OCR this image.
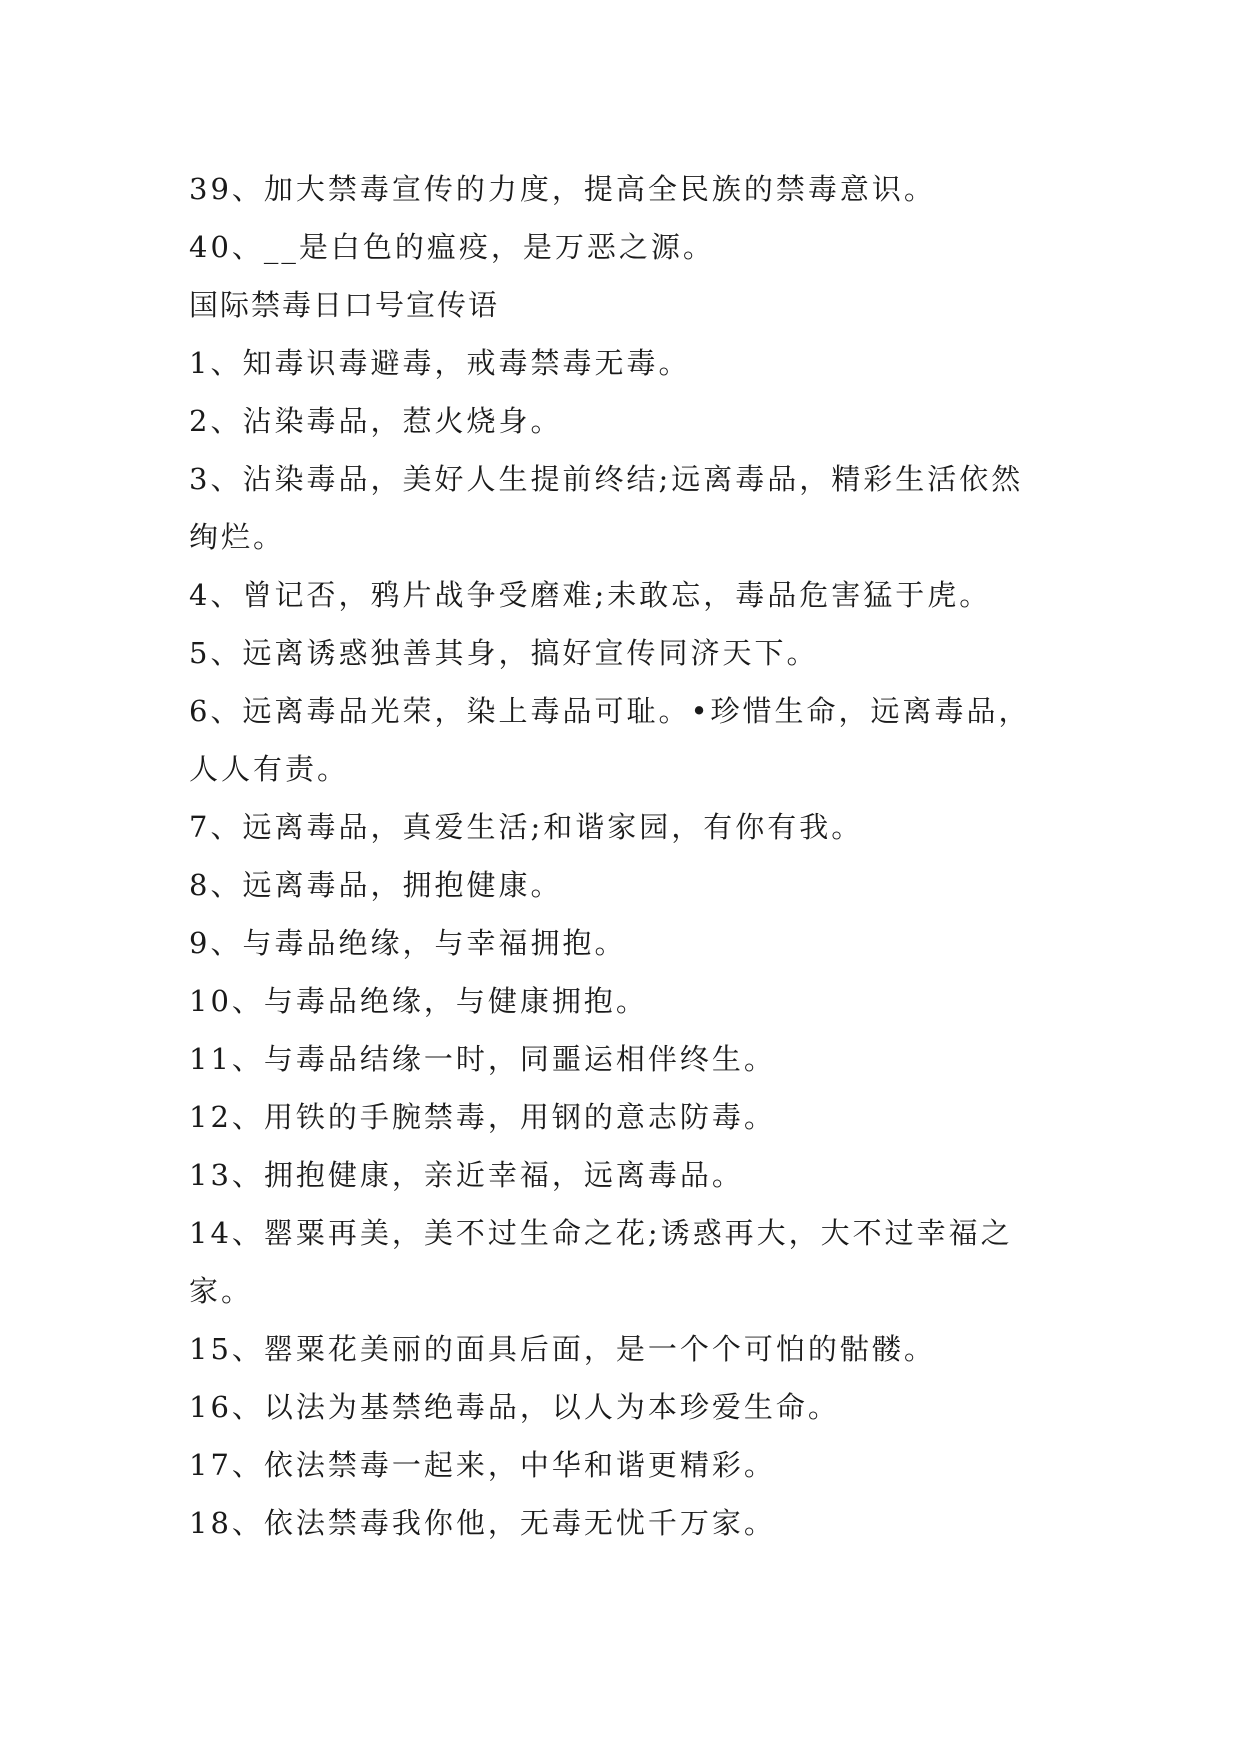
39、加大禁毒宣传的力度，提高全民族的禁毒意识。
40、__是白色的瘟疫，是万恶之源。
国际禁毒日口号宣传语
1、知毒识毒避毒，戒毒禁毒无毒。
2、沾染毒品，惹火烧身。
3、沾染毒品，美好人生提前终结;远离毒品，精彩生活依然
绚烂。
4、曾记否，鸦片战争受磨难;未敢忘，毒品危害猛于虎。
5、远离诱惑独善其身，搞好宣传同济天下。
6、远离毒品光荣，染上毒品可耻。•珍惜生命，远离毒品，
人人有责。
7、远离毒品，真爱生活;和谐家园，有你有我。
8、远离毒品，拥抱健康。
9、与毒品绝缘，与幸福拥抱。
10、与毒品绝缘，与健康拥抱。
11、与毒品结缘一时，同噩运相伴终生。
12、用铁的手腕禁毒，用钢的意志防毒。
13、拥抱健康，亲近幸福，远离毒品。
14、罂粟再美，美不过生命之花;诱惑再大，大不过幸福之
家。
15、罂粟花美丽的面具后面，是一个个可怕的骷髅。
16、以法为基禁绝毒品，以人为本珍爱生命。
17、依法禁毒一起来，中华和谐更精彩。
18、依法禁毒我你他，无毒无忧千万家。
